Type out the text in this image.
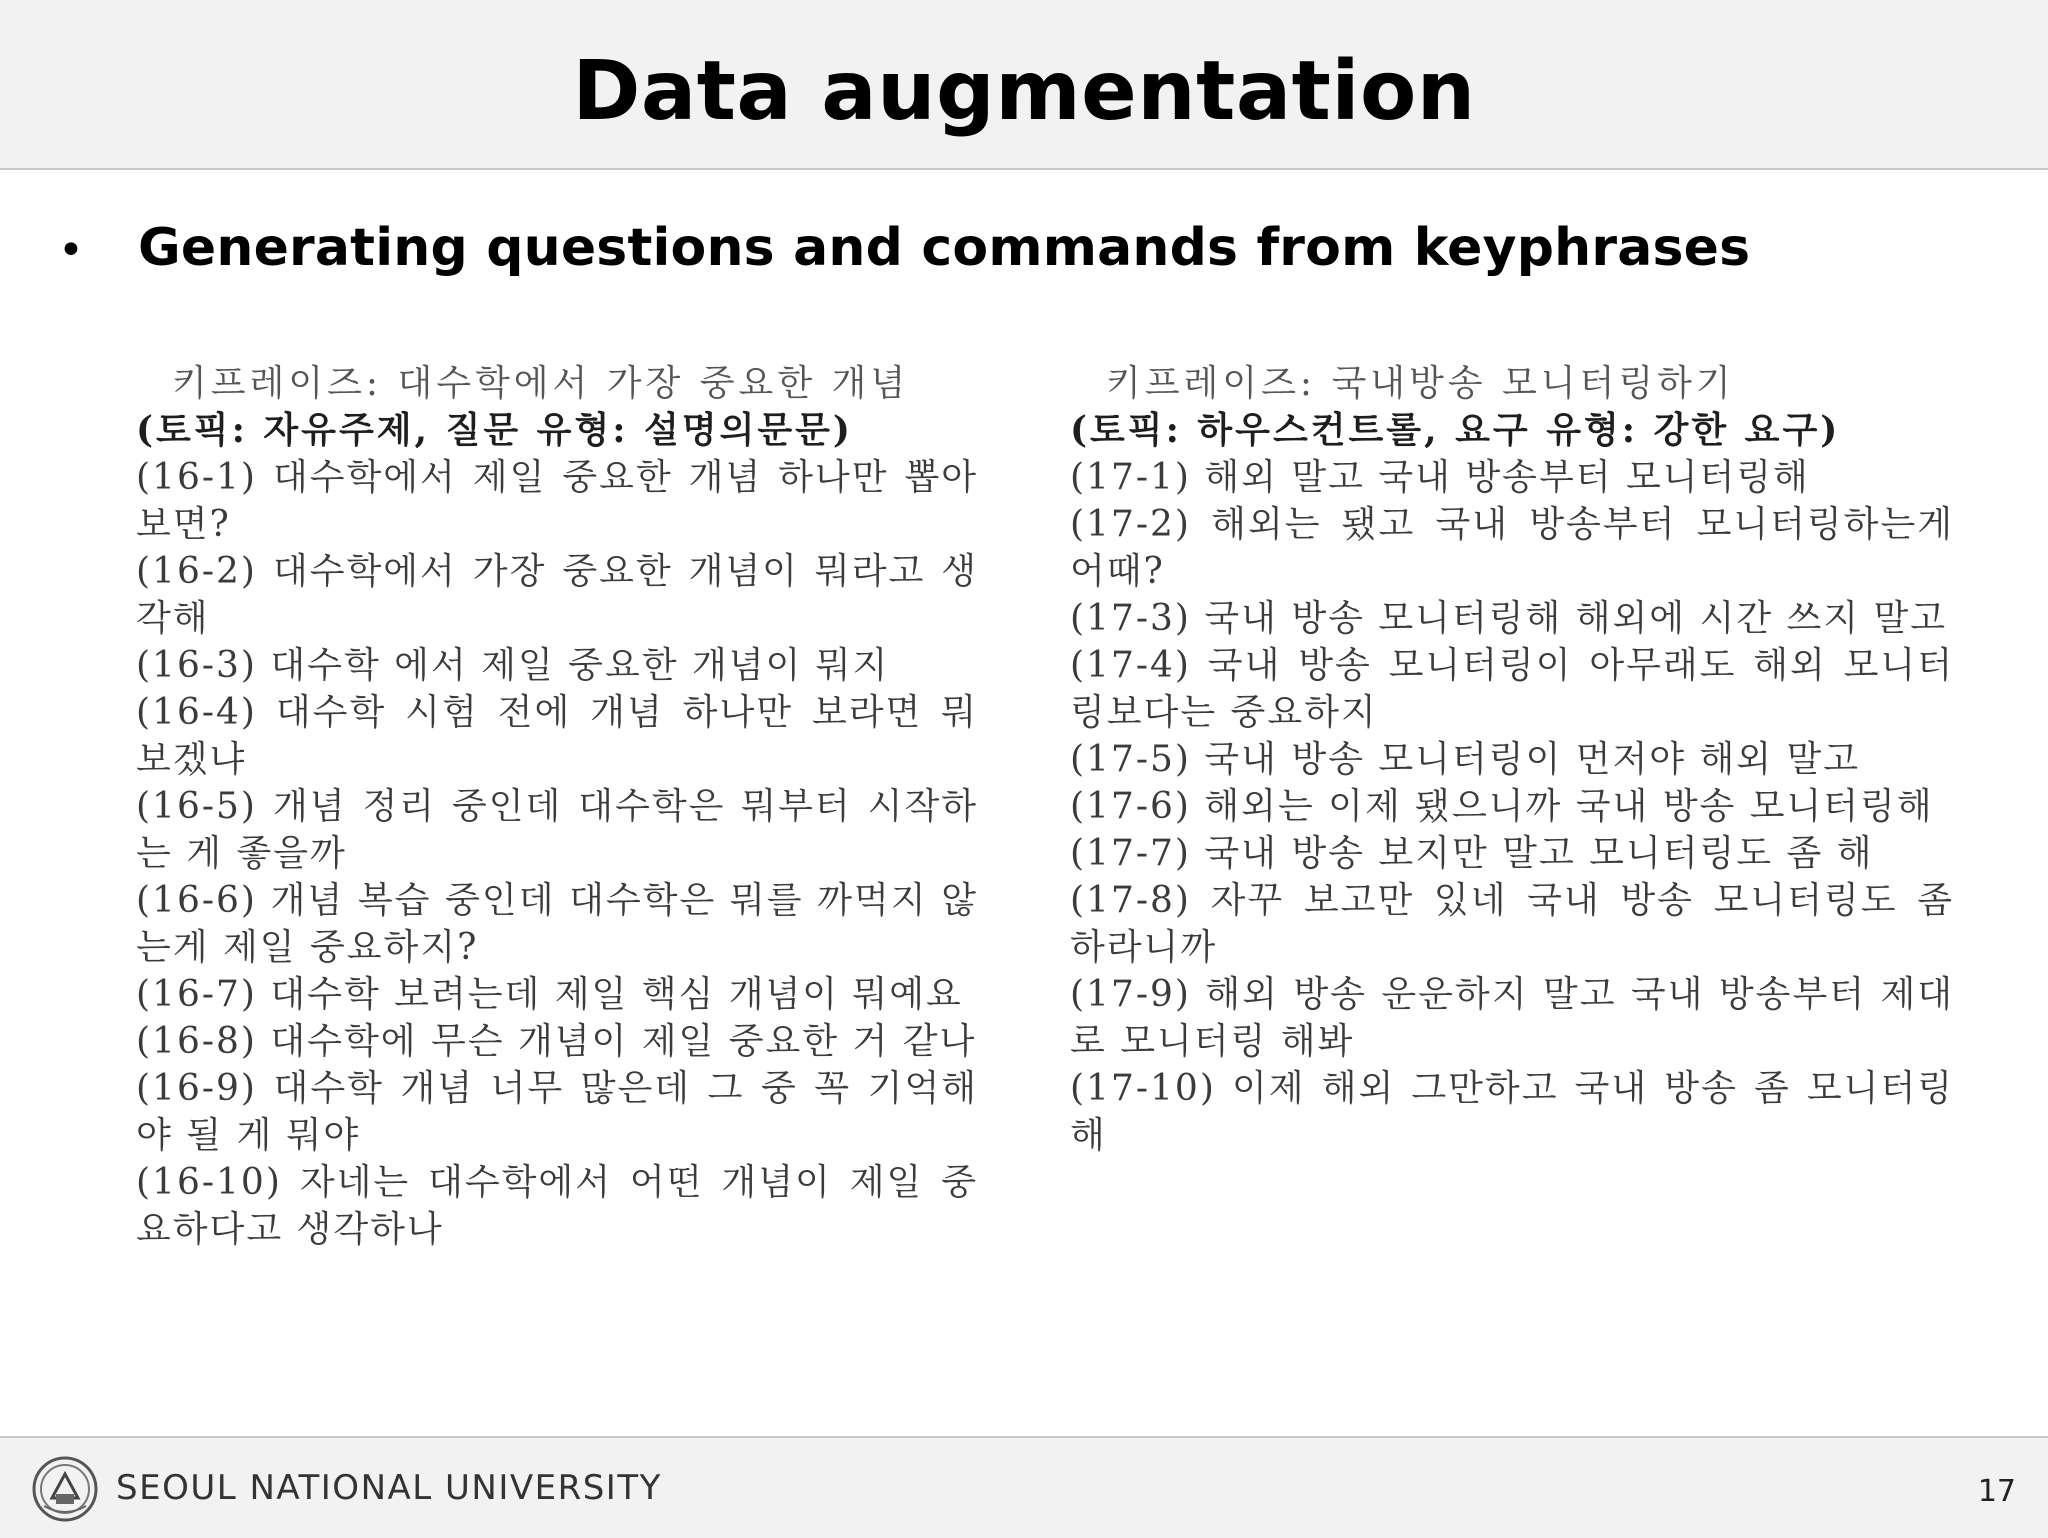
Data augmentation
•	Generating questions and commands from keyphrases
키프레이즈: 대수학에서 가장 중요한 개념
(토픽: 자유주제, 질문 유형: 설명의문문)
(16-1) 대수학에서 제일 중요한 개념 하나만 뽑아 보면?
(16-2) 대수학에서 가장 중요한 개념이 뭐라고 생각해
(16-3) 대수학 에서 제일 중요한 개념이 뭐지
(16-4) 대수학 시험 전에 개념 하나만 보라면 뭐 보겠냐
(16-5) 개념 정리 중인데 대수학은 뭐부터 시작하는 게 좋을까
(16-6) 개념 복습 중인데 대수학은 뭐를 까먹지 않는게 제일 중요하지?
(16-7) 대수학 보려는데 제일 핵심 개념이 뭐예요
(16-8) 대수학에 무슨 개념이 제일 중요한 거 같나
(16-9) 대수학 개념 너무 많은데 그 중 꼭 기억해야 될 게 뭐야
(16-10) 자네는 대수학에서 어떤 개념이 제일 중요하다고 생각하나
키프레이즈: 국내방송 모니터링하기
(토픽: 하우스컨트롤, 요구 유형: 강한 요구)
(17-1) 해외 말고 국내 방송부터 모니터링해
(17-2) 해외는 됐고 국내 방송부터 모니터링하는게 어때?
(17-3) 국내 방송 모니터링해 해외에 시간 쓰지 말고
(17-4) 국내 방송 모니터링이 아무래도 해외 모니터링보다는 중요하지
(17-5) 국내 방송 모니터링이 먼저야 해외 말고
(17-6) 해외는 이제 됐으니까 국내 방송 모니터링해
(17-7) 국내 방송 보지만 말고 모니터링도 좀 해
(17-8) 자꾸 보고만 있네 국내 방송 모니터링도 좀 하라니까
(17-9) 해외 방송 운운하지 말고 국내 방송부터 제대로 모니터링 해봐
(17-10) 이제 해외 그만하고 국내 방송 좀 모니터링해
SEOUL NATIONAL UNIVERSITY	17
